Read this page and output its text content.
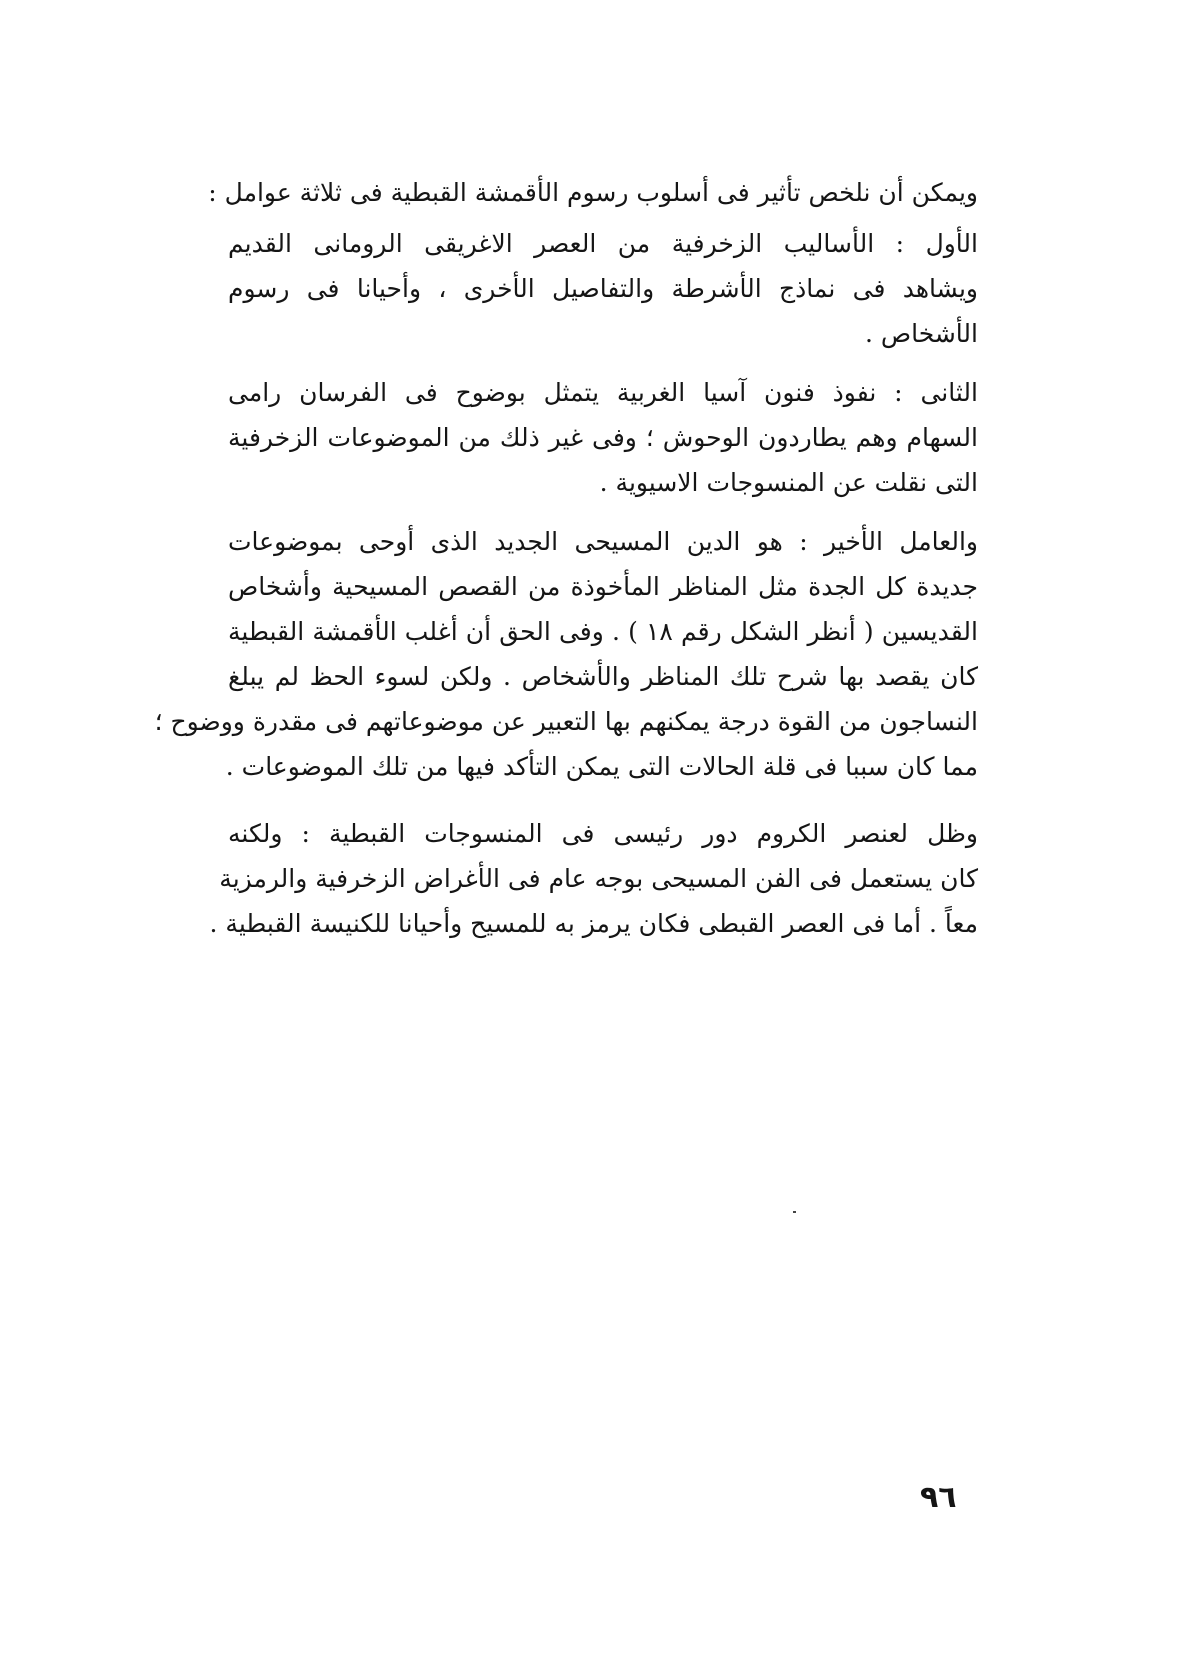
ويمكن أن نلخص تأثير فى أسلوب رسوم الأقمشة القبطية فى ثلاثة عوامل :
الأول : الأساليب الزخرفية من العصر الاغريقى الرومانى القديم
ويشاهد فى نماذج الأشرطة والتفاصيل الأخرى ، وأحيانا فى رسوم
الأشخاص .
الثانى : نفوذ فنون آسيا الغربية يتمثل بوضوح فى الفرسان رامى
السهام وهم يطاردون الوحوش ؛ وفى غير ذلك من الموضوعات الزخرفية
التى نقلت عن المنسوجات الاسيوية .
والعامل الأخير : هو الدين المسيحى الجديد الذى أوحى بموضوعات
جديدة كل الجدة مثل المناظر المأخوذة من القصص المسيحية وأشخاص
القديسين ( أنظر الشكل رقم ١٨ ) . وفى الحق أن أغلب الأقمشة القبطية
كان يقصد بها شرح تلك المناظر والأشخاص . ولكن لسوء الحظ لم يبلغ
النساجون من القوة درجة يمكنهم بها التعبير عن موضوعاتهم فى مقدرة ووضوح ؛
مما كان سببا فى قلة الحالات التى يمكن التأكد فيها من تلك الموضوعات .
وظل لعنصر الكروم دور رئيسى فى المنسوجات القبطية : ولكنه
كان يستعمل فى الفن المسيحى بوجه عام فى الأغراض الزخرفية والرمزية
معاً . أما فى العصر القبطى فكان يرمز به للمسيح وأحيانا للكنيسة القبطية .
٩٦
